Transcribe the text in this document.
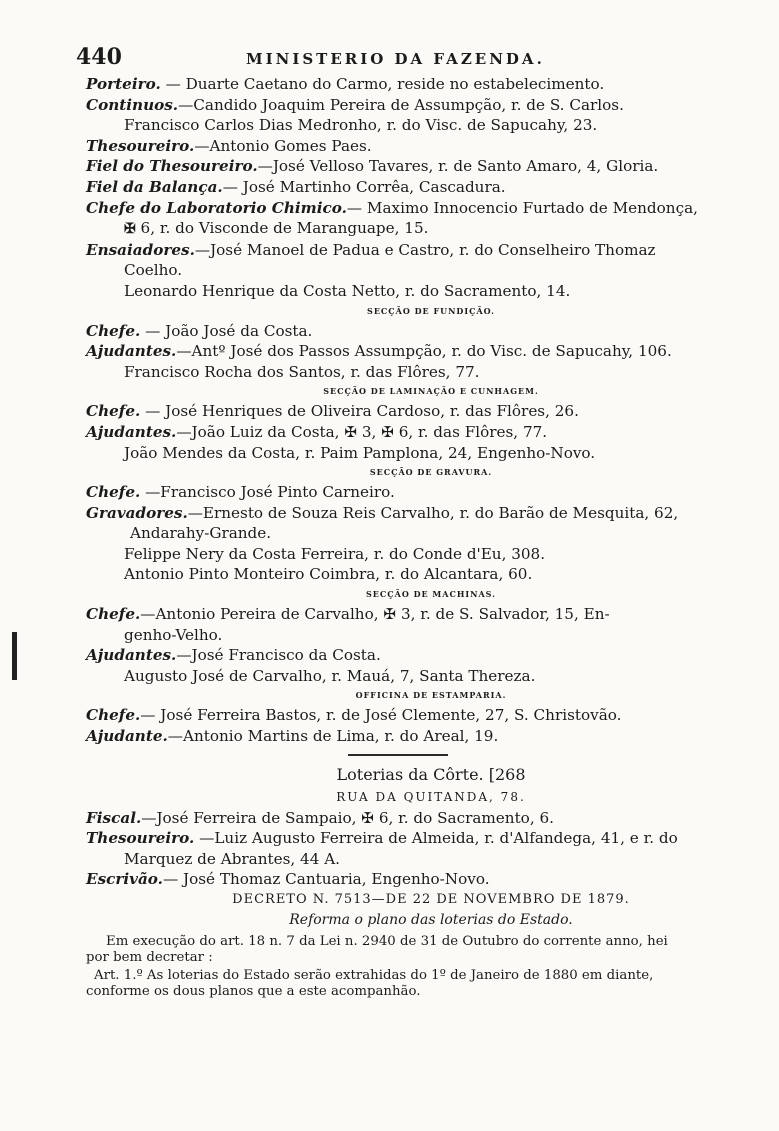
440	MINISTERIO DA FAZENDA.
Porteiro. — Duarte Caetano do Carmo, reside no estabelecimento.
Continuos.—Candido Joaquim Pereira de Assumpção, r. de S. Carlos.
Francisco Carlos Dias Medronho, r. do Visc. de Sapucahy, 23.
Thesoureiro.—Antonio Gomes Paes.
Fiel do Thesoureiro.—José Velloso Tavares, r. de Santo Amaro, 4, Gloria.
Fiel da Balança.— José Martinho Corrêa, Cascadura.
Chefe do Laboratorio Chimico.— Maximo Innocencio Furtado de Mendonça,
✠ 6, r. do Visconde de Maranguape, 15.
Ensaiadores.—José Manoel de Padua e Castro, r. do Conselheiro Thomaz
Coelho.
Leonardo Henrique da Costa Netto, r. do Sacramento, 14.
SECÇÃO DE FUNDIÇÃO.
Chefe. — João José da Costa.
Ajudantes.—Antº José dos Passos Assumpção, r. do Visc. de Sapucahy, 106.
Francisco Rocha dos Santos, r. das Flôres, 77.
SECÇÃO DE LAMINAÇÃO E CUNHAGEM.
Chefe. — José Henriques de Oliveira Cardoso, r. das Flôres, 26.
Ajudantes.—João Luiz da Costa, ✠ 3, ✠ 6, r. das Flôres, 77.
João Mendes da Costa, r. Paim Pamplona, 24, Engenho-Novo.
SECÇÃO DE GRAVURA.
Chefe. —Francisco José Pinto Carneiro.
Gravadores.—Ernesto de Souza Reis Carvalho, r. do Barão de Mesquita, 62,
Andarahy-Grande.
Felippe Nery da Costa Ferreira, r. do Conde d'Eu, 308.
Antonio Pinto Monteiro Coimbra, r. do Alcantara, 60.
SECÇÃO DE MACHINAS.
Chefe.—Antonio Pereira de Carvalho, ✠ 3, r. de S. Salvador, 15, En-
genho-Velho.
Ajudantes.—José Francisco da Costa.
Augusto José de Carvalho, r. Mauá, 7, Santa Thereza.
OFFICINA DE ESTAMPARIA.
Chefe.— José Ferreira Bastos, r. de José Clemente, 27, S. Christovão.
Ajudante.—Antonio Martins de Lima, r. do Areal, 19.
Loterias da Côrte. [268
RUA DA QUITANDA, 78.
Fiscal.—José Ferreira de Sampaio, ✠ 6, r. do Sacramento, 6.
Thesoureiro. —Luiz Augusto Ferreira de Almeida, r. d'Alfandega, 41, e r. do
Marquez de Abrantes, 44 A.
Escrivão.— José Thomaz Cantuaria, Engenho-Novo.
DECRETO N. 7513—DE 22 DE NOVEMBRO DE 1879.
Reforma o plano das loterias do Estado.
Em execução do art. 18 n. 7 da Lei n. 2940 de 31 de Outubro do corrente anno, hei
por bem decretar :
Art. 1.º As loterias do Estado serão extrahidas do 1º de Janeiro de 1880 em diante,
conforme os dous planos que a este acompanhão.
